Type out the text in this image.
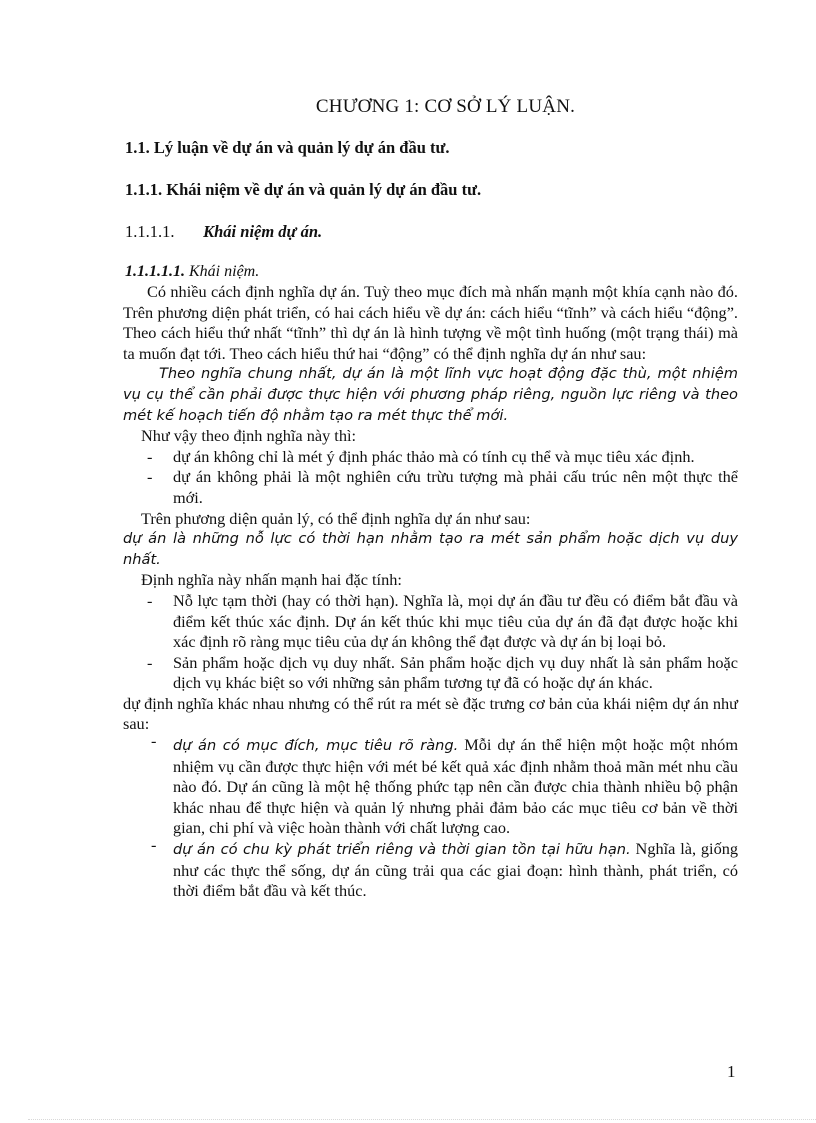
CHƯƠNG 1: CƠ SỞ LÝ LUẬN.
1.1. Lý luận về dự án và quản lý dự án đầu tư.
1.1.1. Khái niệm về dự án và quản lý dự án đầu tư.
1.1.1.1. Khái niệm dự án.
1.1.1.1.1. Khái niệm.

Có nhiều cách định nghĩa dự án. Tuỳ theo mục đích mà nhấn mạnh một khía cạnh nào đó. Trên phương diện phát triển, có hai cách hiểu về dự án: cách hiểu “tĩnh” và cách hiểu “động”. Theo cách hiểu thứ nhất “tĩnh” thì dự án là hình tượng về một tình huống (một trạng thái) mà ta muốn đạt tới. Theo cách hiểu thứ hai “động” có thể định nghĩa dự án như sau:

Theo nghĩa chung nhất, dự án là một lĩnh vực hoạt động đặc thù, một nhiệm vụ cụ thể cần phải được thực hiện với phương pháp riêng, nguồn lực riêng và theo mét kế hoạch tiến độ nhằm tạo ra mét thực thể mới.

Như vậy theo định nghĩa này thì:

- dự án không chỉ là mét ý định phác thảo mà có tính cụ thể và mục tiêu xác định.
- dự án không phải là một nghiên cứu trừu tượng mà phải cấu trúc nên một thực thể mới.

Trên phương diện quản lý, có thể định nghĩa dự án như sau:

dự án là những nỗ lực có thời hạn nhằm tạo ra mét sản phẩm hoặc dịch vụ duy nhất.

Định nghĩa này nhấn mạnh hai đặc tính:

- Nỗ lực tạm thời (hay có thời hạn). Nghĩa là, mọi dự án đầu tư đều có điểm bắt đầu và điểm kết thúc xác định. Dự án kết thúc khi mục tiêu của dự án đã đạt được hoặc khi xác định rõ ràng mục tiêu của dự án không thể đạt được và dự án bị loại bỏ.
- Sản phẩm hoặc dịch vụ duy nhất. Sản phẩm hoặc dịch vụ duy nhất là sản phẩm hoặc dịch vụ khác biệt so với những sản phẩm tương tự đã có hoặc dự án khác.

dự định nghĩa khác nhau nhưng có thể rút ra mét sè đặc trưng cơ bản của khái niệm dự án như sau:

- dự án có mục đích, mục tiêu rõ ràng. Mỗi dự án thể hiện một hoặc một nhóm nhiệm vụ cần được thực hiện với mét bé kết quả xác định nhằm thoả mãn mét nhu cầu nào đó. Dự án cũng là một hệ thống phức tạp nên cần được chia thành nhiều bộ phận khác nhau để thực hiện và quản lý nhưng phải đảm bảo các mục tiêu cơ bản về thời gian, chi phí và việc hoàn thành với chất lượng cao.
- dự án có chu kỳ phát triển riêng và thời gian tồn tại hữu hạn. Nghĩa là, giống như các thực thể sống, dự án cũng trải qua các giai đoạn: hình thành, phát triển, có thời điểm bắt đầu và kết thúc.
1
